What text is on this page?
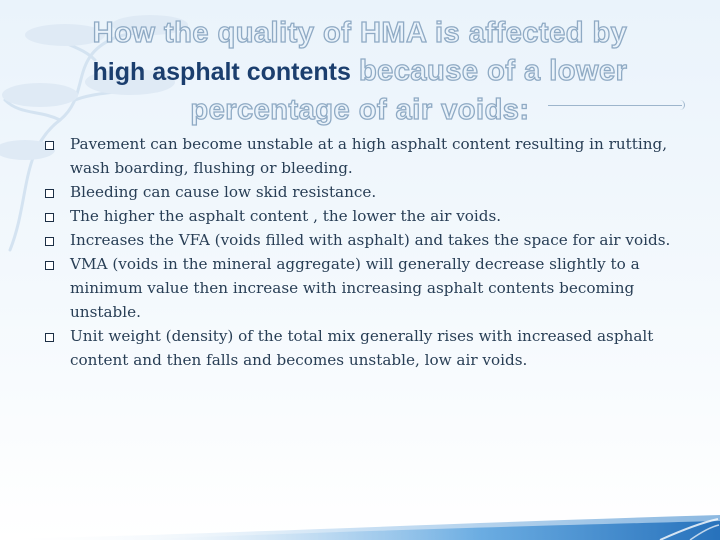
How the quality of HMA is affected by
high asphalt contents because of a lower percentage of air voids:
Pavement can become unstable at a high asphalt content resulting in rutting, wash boarding, flushing or bleeding.
Bleeding can cause low skid resistance.
The higher the asphalt content , the lower the air voids.
Increases the VFA (voids filled with asphalt) and takes the space for air voids.
VMA (voids in the mineral aggregate) will generally decrease slightly to a minimum value then increase with increasing asphalt contents becoming unstable.
Unit weight (density) of the total mix generally rises with increased asphalt content and then falls and becomes unstable, low air voids.
